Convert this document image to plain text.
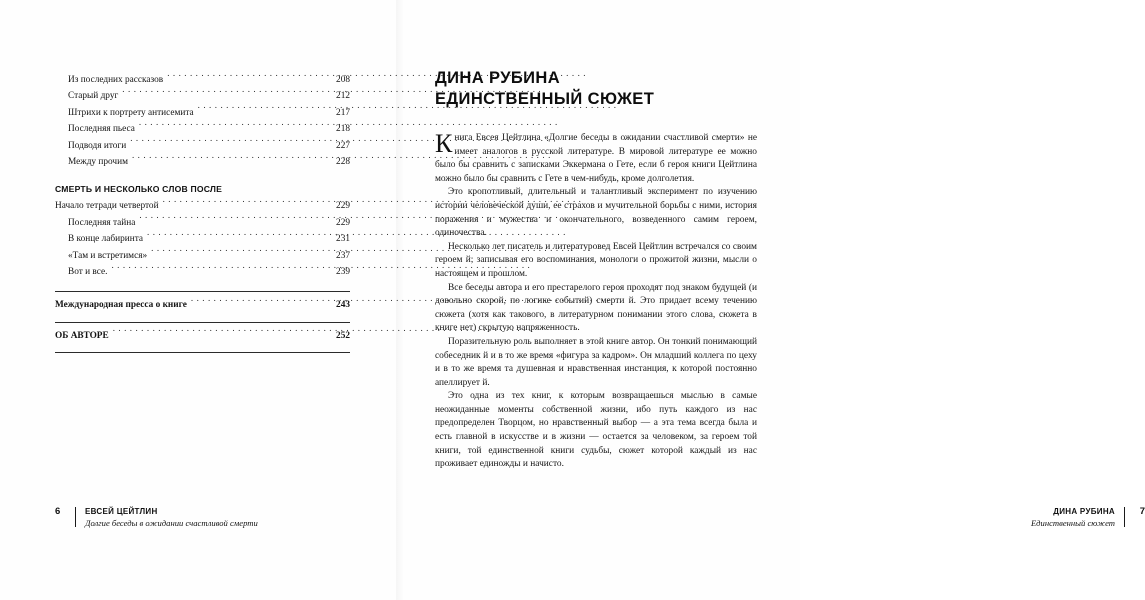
Из последних рассказов . . .	208
Старый друг . . .	212
Штрихи к портрету антисемита . . .	217
Последняя пьеса . . .	218
Подводя итоги . . .	227
Между прочим . . .	228
СМЕРТЬ И НЕСКОЛЬКО СЛОВ ПОСЛЕ
Начало тетради четвертой . . .	229
Последняя тайна . . .	229
В конце лабиринта . . .	231
«Там и встретимся» . . .	237
Вот и все. . . .	239
Международная пресса о книге . . .	243
ОБ АВТОРЕ . . .	252
6	ЕВСЕЙ ЦЕЙТЛИН
Долгие беседы в ожидании счастливой смерти
ДИНА РУБИНА
ЕДИНСТВЕННЫЙ СЮЖЕТ

Книга Евсея Цейтлина «Долгие беседы в ожидании счастливой смерти» не имеет аналогов в русской литературе. В мировой литературе ее можно было бы сравнить с записками Эккермана о Гете, если б героя книги Цейтлина можно было бы сравнить с Гете в чем-нибудь, кроме долголетия.

Это кропотливый, длительный и талантливый эксперимент по изучению истории человеческой души, ее страхов и мучительной борьбы с ними, история поражения и мужества и окончательного, возведенного самим героем, одиночества.

Несколько лет писатель и литературовед Евсей Цейтлин встречался со своим героем й; записывая его воспоминания, монологи о прожитой жизни, мысли о настоящем и прошлом.

Все беседы автора и его престарелого героя проходят под знаком будущей (и довольно скорой, по логике событий) смерти й. Это придает всему течению сюжета (хотя как такового, в литературном понимании этого слова, сюжета в книге нет) скрытую напряженность.

Поразительную роль выполняет в этой книге автор. Он тонкий понимающий собеседник й и в то же время «фигура за кадром». Он младший коллега по цеху и в то же время та душевная и нравственная инстанция, к которой постоянно апеллирует й.

Это одна из тех книг, к которым возвращаешься мыслью в самые неожиданные моменты собственной жизни, ибо путь каждого из нас предопределен Творцом, но нравственный выбор — а эта тема всегда была и есть главной в искусстве и в жизни — остается за человеком, за героем той книги, той единственной книги судьбы, сюжет которой каждый из нас проживает единожды и начисто.

ДИНА РУБИНА
Единственный сюжет
7
